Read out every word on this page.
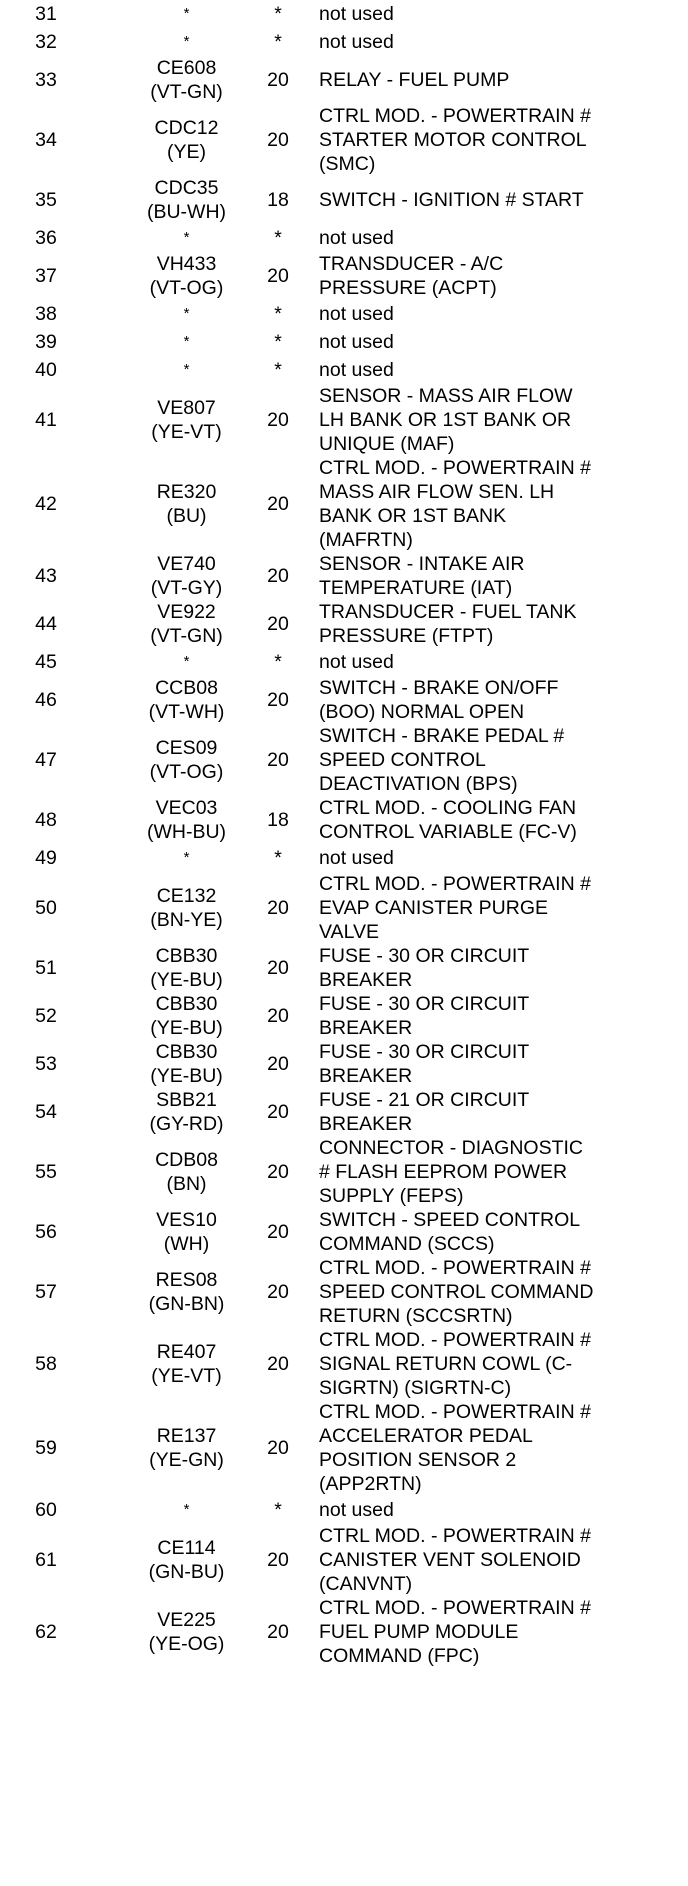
31	*	*	not used

32	*	*	not used

33	CE608
(VT-GN)	20	RELAY - FUEL PUMP

34	CDC12
(YE)	20	CTRL MOD. - POWERTRAIN #
STARTER MOTOR CONTROL
(SMC)

35	CDC35
(BU-WH)	18	SWITCH - IGNITION # START

36	*	*	not used

37	VH433
(VT-OG)	20	TRANSDUCER - A/C
PRESSURE (ACPT)

38	*	*	not used

39	*	*	not used

40	*	*	not used

41	VE807
(YE-VT)	20	SENSOR - MASS AIR FLOW
LH BANK OR 1ST BANK OR
UNIQUE (MAF)

42	RE320
(BU)	20	CTRL MOD. - POWERTRAIN #
MASS AIR FLOW SEN. LH
BANK OR 1ST BANK
(MAFRTN)

43	VE740
(VT-GY)	20	SENSOR - INTAKE AIR
TEMPERATURE (IAT)

44	VE922
(VT-GN)	20	TRANSDUCER - FUEL TANK
PRESSURE (FTPT)

45	*	*	not used

46	CCB08
(VT-WH)	20	SWITCH - BRAKE ON/OFF
(BOO) NORMAL OPEN

47	CES09
(VT-OG)	20	SWITCH - BRAKE PEDAL #
SPEED CONTROL
DEACTIVATION (BPS)

48	VEC03
(WH-BU)	18	CTRL MOD. - COOLING FAN
CONTROL VARIABLE (FC-V)

49	*	*	not used

50	CE132
(BN-YE)	20	CTRL MOD. - POWERTRAIN #
EVAP CANISTER PURGE
VALVE

51	CBB30
(YE-BU)	20	FUSE - 30 OR CIRCUIT
BREAKER

52	CBB30
(YE-BU)	20	FUSE - 30 OR CIRCUIT
BREAKER

53	CBB30
(YE-BU)	20	FUSE - 30 OR CIRCUIT
BREAKER

54	SBB21
(GY-RD)	20	FUSE - 21 OR CIRCUIT
BREAKER

55	CDB08
(BN)	20	CONNECTOR - DIAGNOSTIC
# FLASH EEPROM POWER
SUPPLY (FEPS)

56	VES10
(WH)	20	SWITCH - SPEED CONTROL
COMMAND (SCCS)

57	RES08
(GN-BN)	20	CTRL MOD. - POWERTRAIN #
SPEED CONTROL COMMAND
RETURN (SCCSRTN)

58	RE407
(YE-VT)	20	CTRL MOD. - POWERTRAIN #
SIGNAL RETURN COWL (C-
SIGRTN) (SIGRTN-C)

59	RE137
(YE-GN)	20	CTRL MOD. - POWERTRAIN #
ACCELERATOR PEDAL
POSITION SENSOR 2
(APP2RTN)

60	*	*	not used

61	CE114
(GN-BU)	20	CTRL MOD. - POWERTRAIN #
CANISTER VENT SOLENOID
(CANVNT)

62	VE225
(YE-OG)	20	CTRL MOD. - POWERTRAIN #
FUEL PUMP MODULE
COMMAND (FPC)
